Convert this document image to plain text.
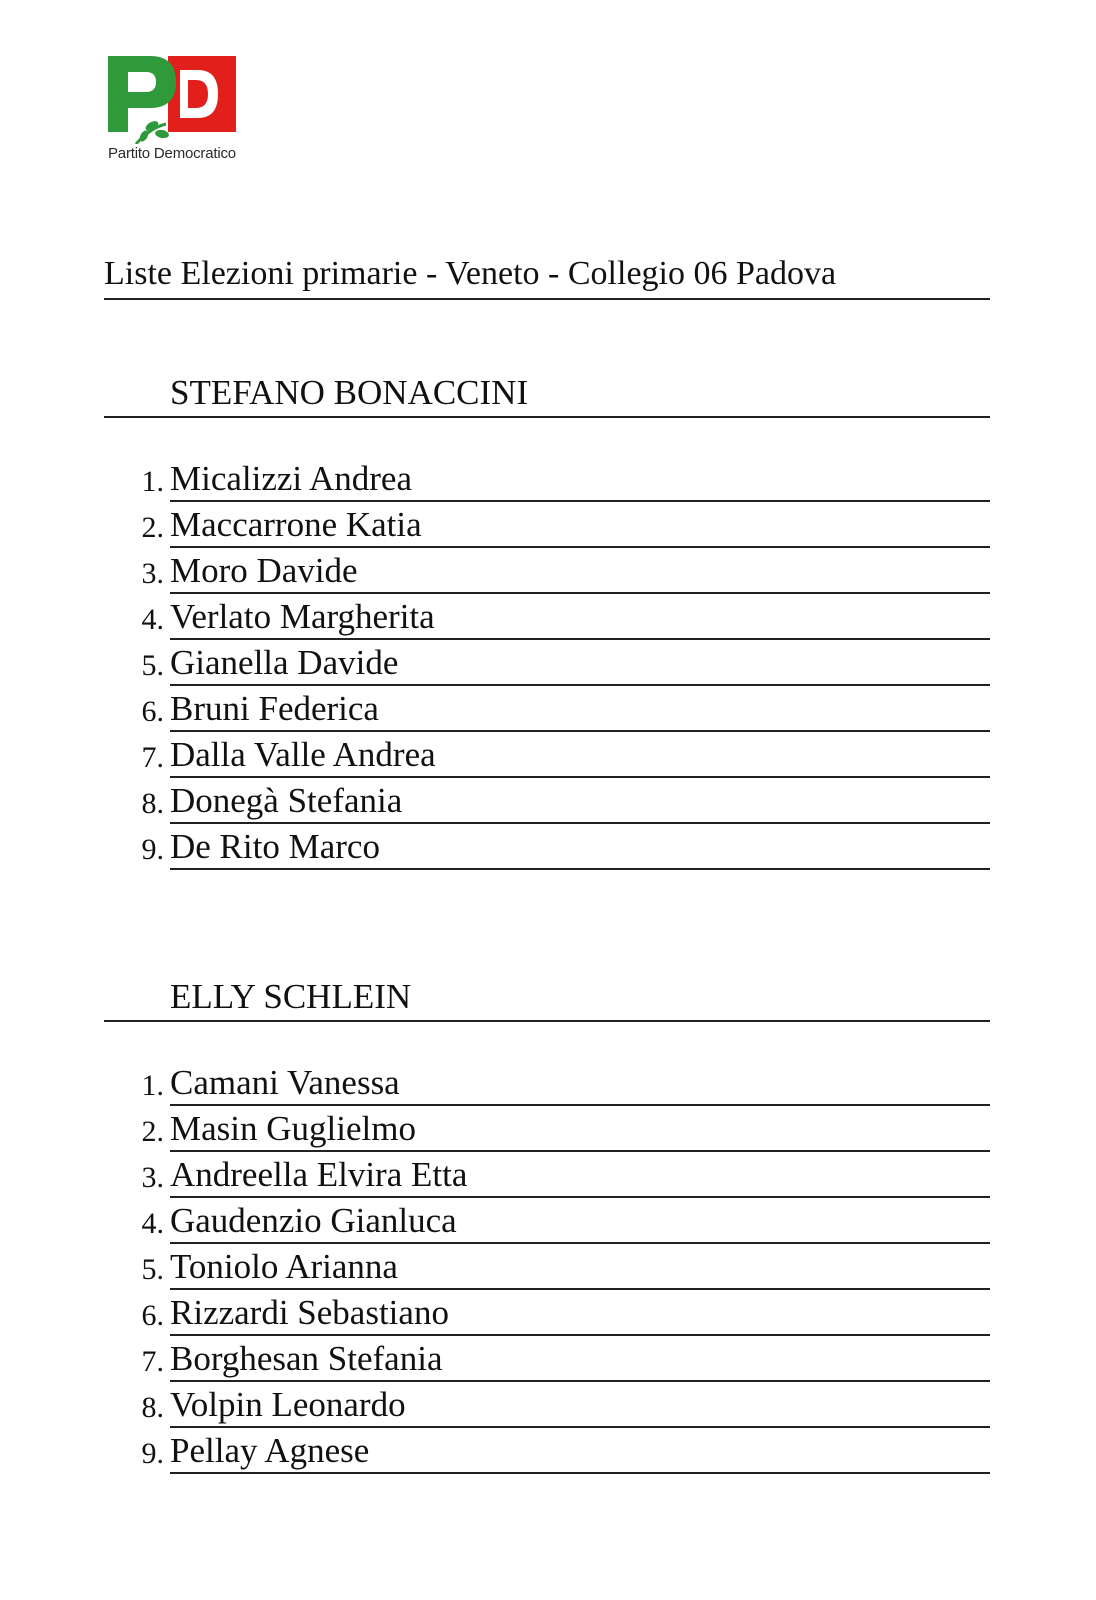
Partito Democratico
Liste Elezioni primarie - Veneto - Collegio 06 Padova
STEFANO BONACCINI
1. Micalizzi Andrea
2. Maccarrone Katia
3. Moro Davide
4. Verlato Margherita
5. Gianella Davide
6. Bruni Federica
7. Dalla Valle Andrea
8. Donegà Stefania
9. De Rito Marco
ELLY SCHLEIN
1. Camani Vanessa
2. Masin Guglielmo
3. Andreella Elvira Etta
4. Gaudenzio Gianluca
5. Toniolo Arianna
6. Rizzardi Sebastiano
7. Borghesan Stefania
8. Volpin Leonardo
9. Pellay Agnese
